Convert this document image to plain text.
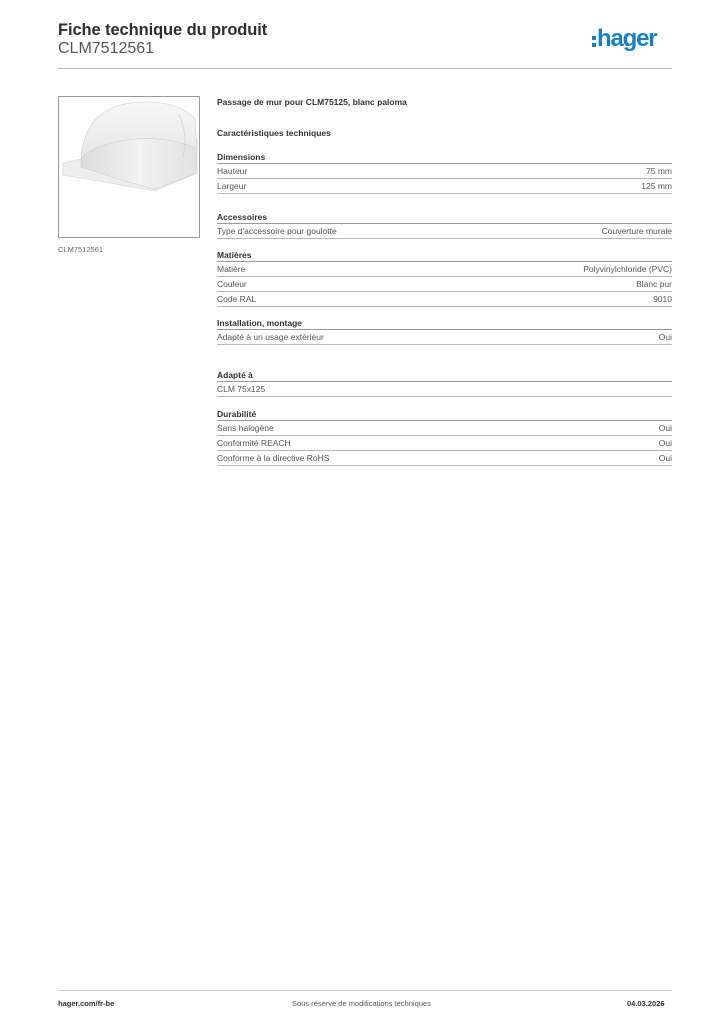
Fiche technique du produit
CLM7512561	hager
CLM7512561
Passage de mur pour CLM75125, blanc paloma
Caractéristiques techniques
Dimensions
Hauteur	75 mm
Largeur	125 mm
Accessoires
Type d'accessoire pour goulotte	Couverture murale
Matières
Matière	Polyvinylchloride (PVC)
Couleur	Blanc pur
Code RAL	9010
Installation, montage
Adapté à un usage extérieur	Oui
Adapté à
CLM 75x125
Durabilité
Sans halogène	Oui
Conformité REACH	Oui
Conforme à la directive RoHS	Oui
hager.com/fr-be	Sous réserve de modifications techniques	04.03.2026
